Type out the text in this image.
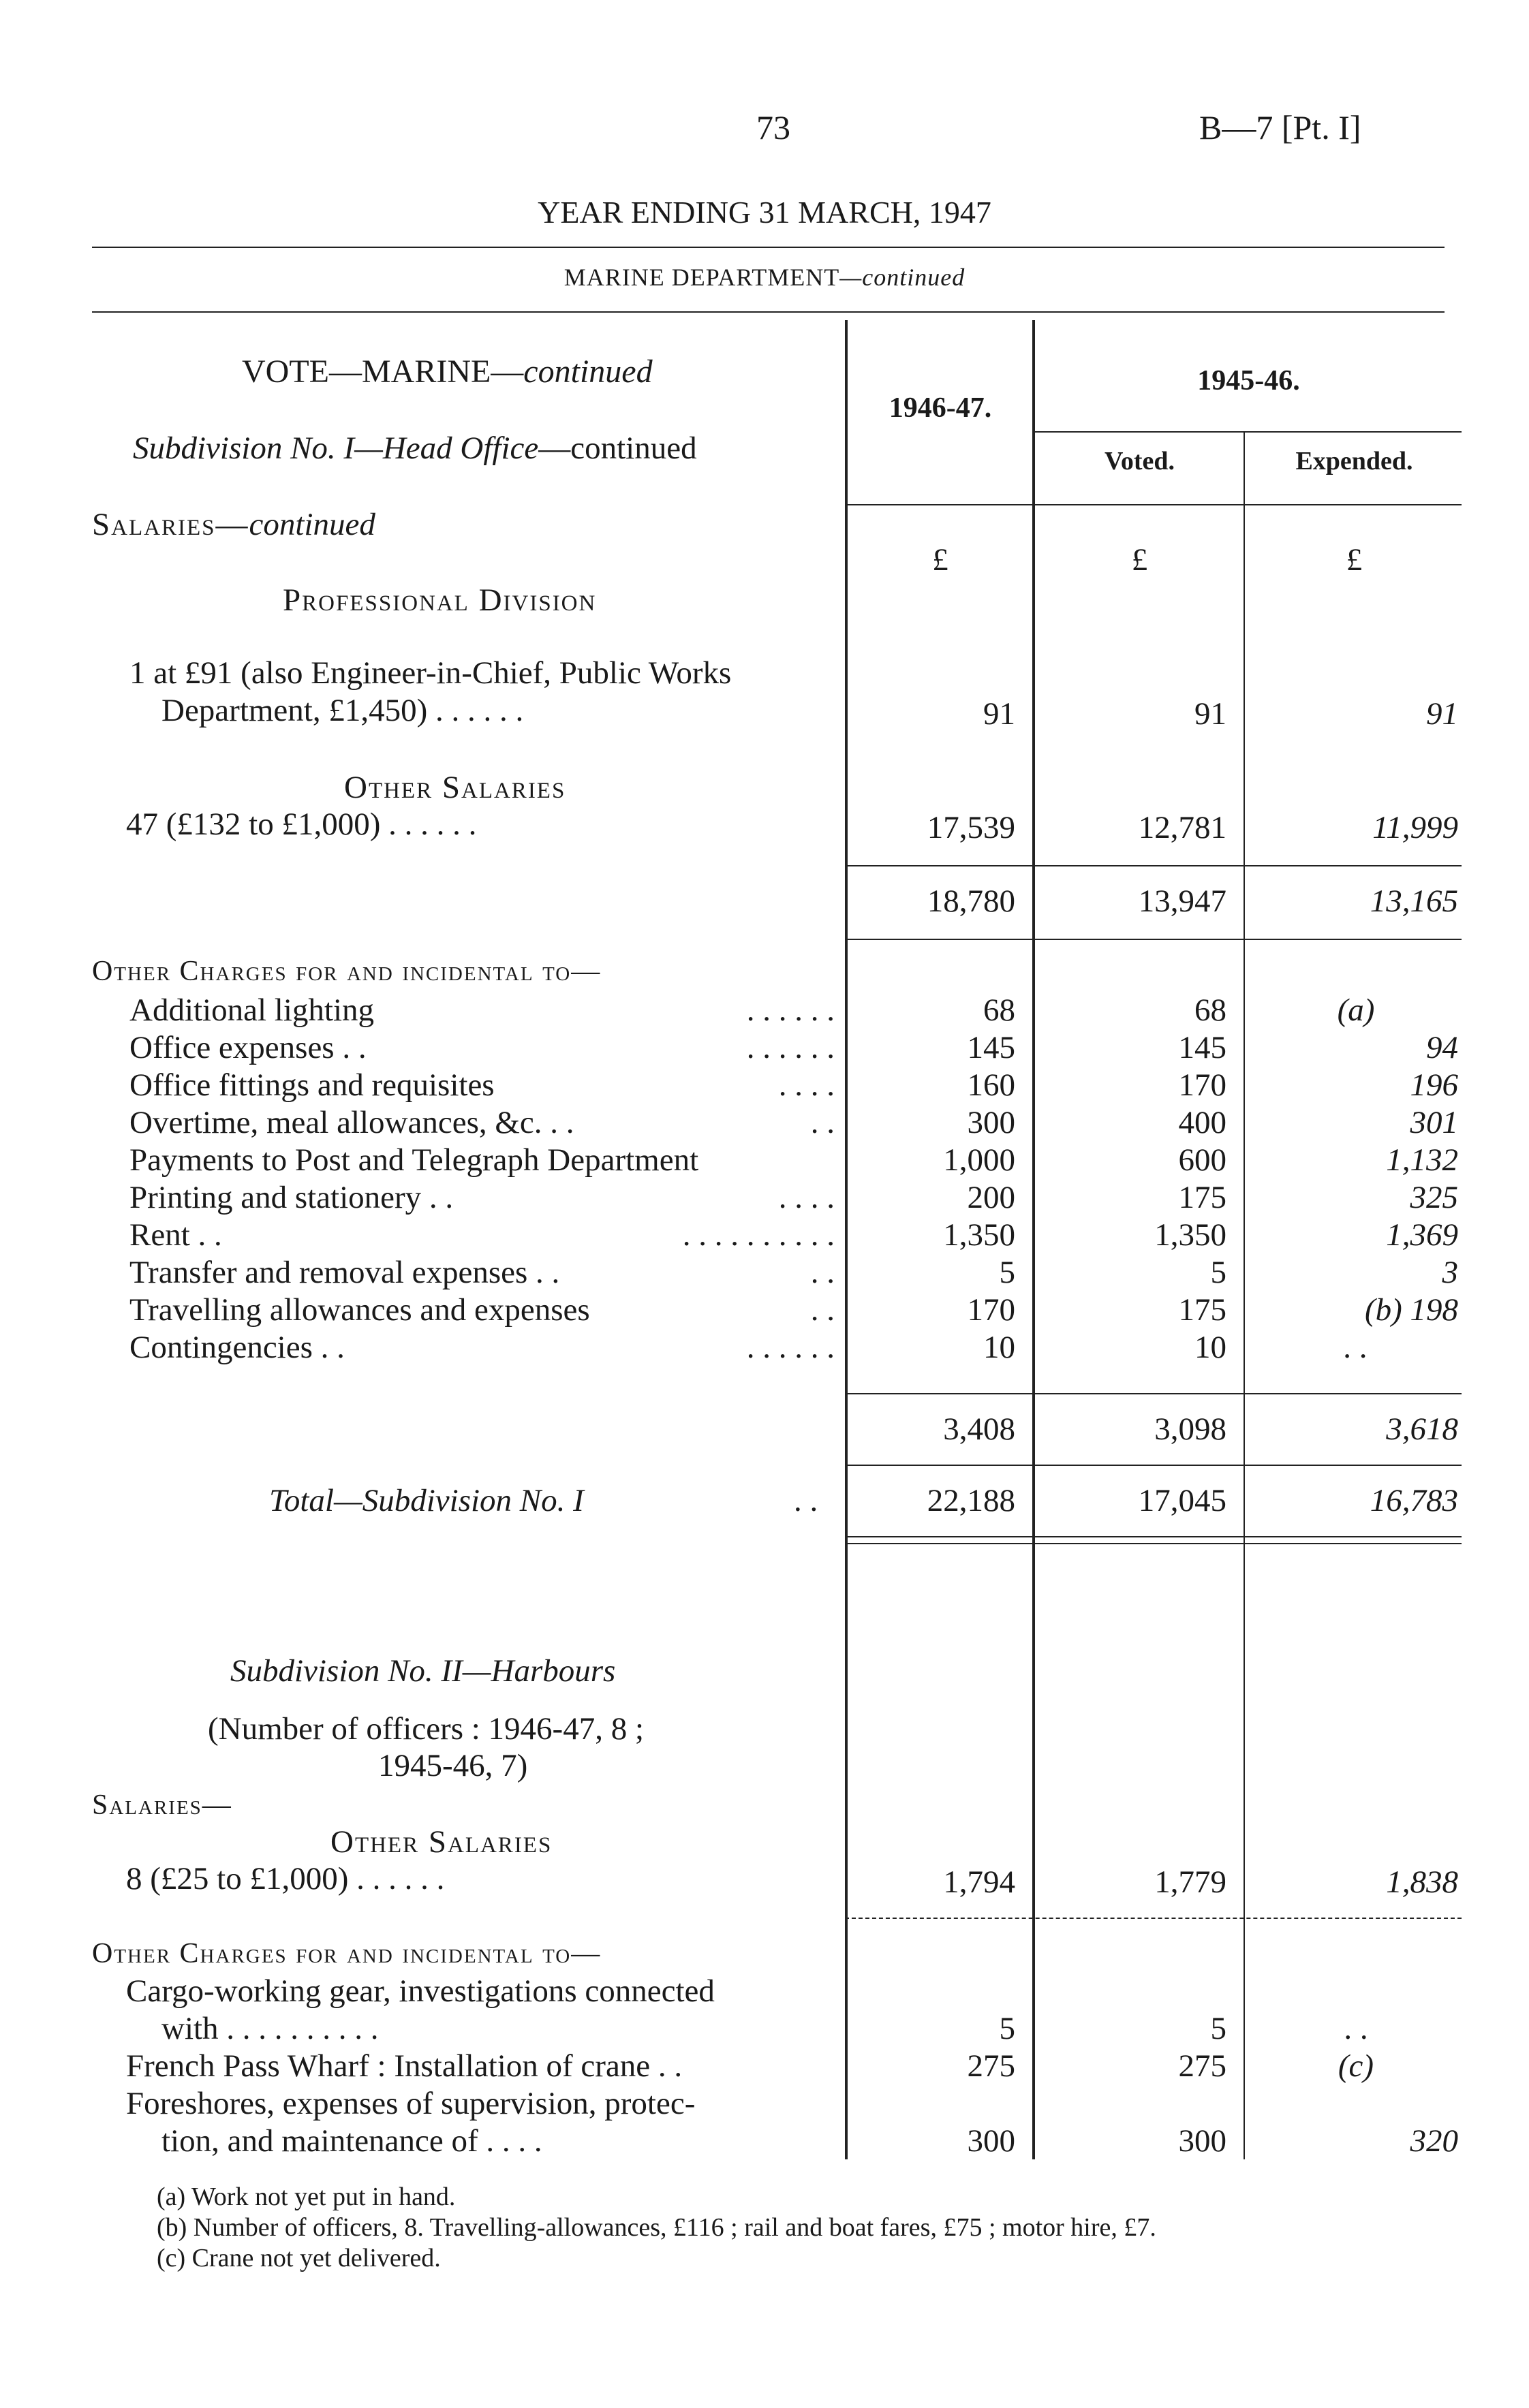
73	B—7 [Pt. I]
YEAR ENDING 31 MARCH, 1947
MARINE DEPARTMENT—continued
1946-47.
1945-46.
Voted.	Expended.
£	£	£
VOTE—MARINE—continued
Subdivision No. I—Head Office—continued
Salaries—continued
Professional Division
1 at £91 (also Engineer-in-Chief, Public Works
Department, £1,450) . . . . . .	91	91	91
Other Salaries
47 (£132 to £1,000) . . . . . .	17,539	12,781	11,999
18,780	13,947	13,165
Other Charges for and incidental to—
Additional lighting	. . . . . .	68	68	(a)
Office expenses . .	. . . . . .	145	145	94
Office fittings and requisites	. . . .	160	170	196
Overtime, meal allowances, &c. . .	. .	300	400	301
Payments to Post and Telegraph Department	1,000	600	1,132
Printing and stationery . .	. . . .	200	175	325
Rent . .	. . . . . . . . . .	1,350	1,350	1,369
Transfer and removal expenses . .	. .	5	5	3
Travelling allowances and expenses	. .	170	175	(b) 198
Contingencies . .	. . . . . .	10	10	. .
3,408	3,098	3,618
Total—Subdivision No. I	. .	22,188	17,045	16,783
Subdivision No. II—Harbours
(Number of officers : 1946-47, 8 ;
1945-46, 7)
Salaries—
Other Salaries
8 (£25 to £1,000) . . . . . .	1,794	1,779	1,838
Other Charges for and incidental to—
Cargo-working gear, investigations connected
with . . . . . . . . . .	5	5	. .
French Pass Wharf : Installation of crane . .	275	275	(c)
Foreshores, expenses of supervision, protec-
tion, and maintenance of . . . .	300	300	320
(a) Work not yet put in hand.
(b) Number of officers, 8. Travelling-allowances, £116 ; rail and boat fares, £75 ; motor hire, £7.
(c) Crane not yet delivered.
